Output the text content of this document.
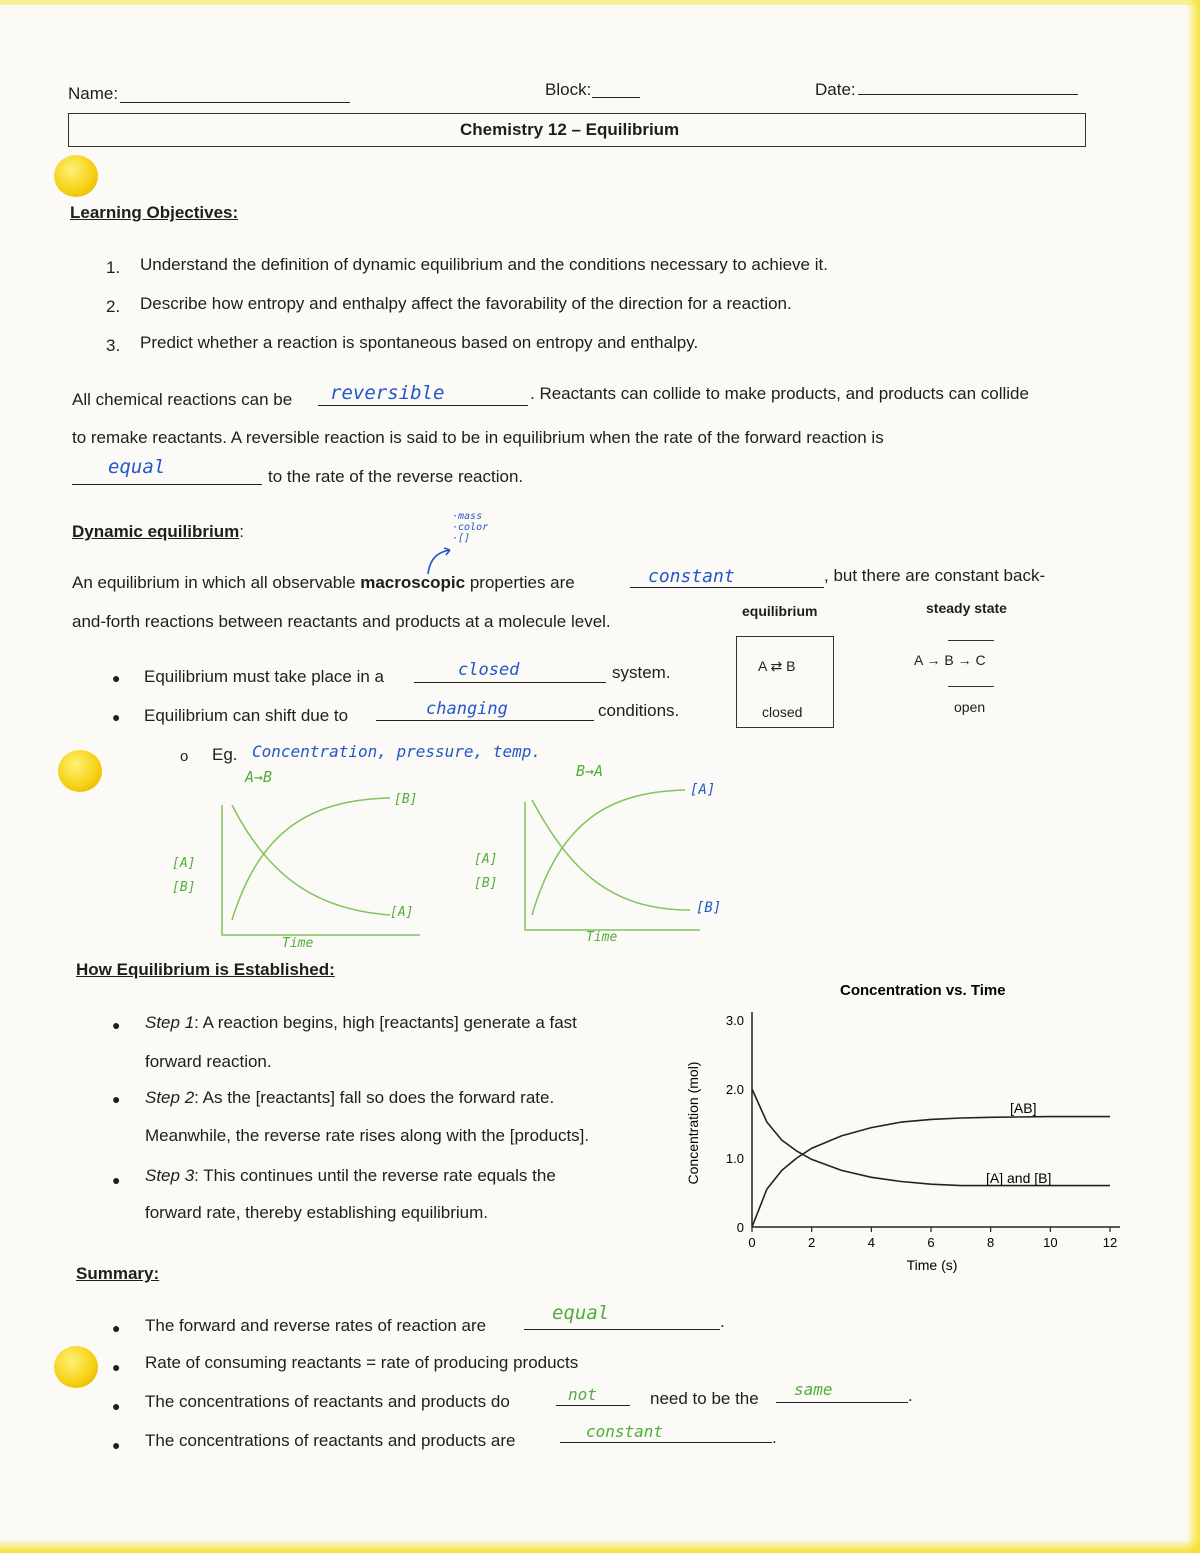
Name:	Block:	Date:
Chemistry 12 – Equilibrium
Learning Objectives:
1. Understand the definition of dynamic equilibrium and the conditions necessary to achieve it.
2. Describe how entropy and enthalpy affect the favorability of the direction for a reaction.
3. Predict whether a reaction is spontaneous based on entropy and enthalpy.
All chemical reactions can be reversible	. Reactants can collide to make products, and products can collide
to remake reactants. A reversible reaction is said to be in equilibrium when the rate of the forward reaction is
equal	to the rate of the reverse reaction.
Dynamic equilibrium:
·mass
·color
·[]
An equilibrium in which all observable macroscopic properties are	constant	, but there are constant back-
and-forth reactions between reactants and products at a molecule level.
● Equilibrium must take place in a	closed	system.
● Equilibrium can shift due to	changing	conditions.
o Eg. Concentration, pressure, temp.
equilibrium
A ⇄ B
closed
steady state
A → B → C
open
A→B
[B]
[A]
[A]
[B]
Time
B→A
[A]
[B]
[A]
[B]
Time
How Equilibrium is Established:
● Step 1: A reaction begins, high [reactants] generate a fast
forward reaction.
● Step 2: As the [reactants] fall so does the forward rate.
Meanwhile, the reverse rate rises along with the [products].
● Step 3: This continues until the reverse rate equals the
forward rate, thereby establishing equilibrium.
Concentration vs. Time
0
1.0
2.0
3.0
0	2	4	6	8	10	12
Time (s)
Concentration (mol)	[AB]
[A] and [B]
Summary:
● The forward and reverse rates of reaction are
equal	.
● Rate of consuming reactants = rate of producing products
● The concentrations of reactants and products do	not	need to be the same	.
● The concentrations of reactants and products are	constant	.
